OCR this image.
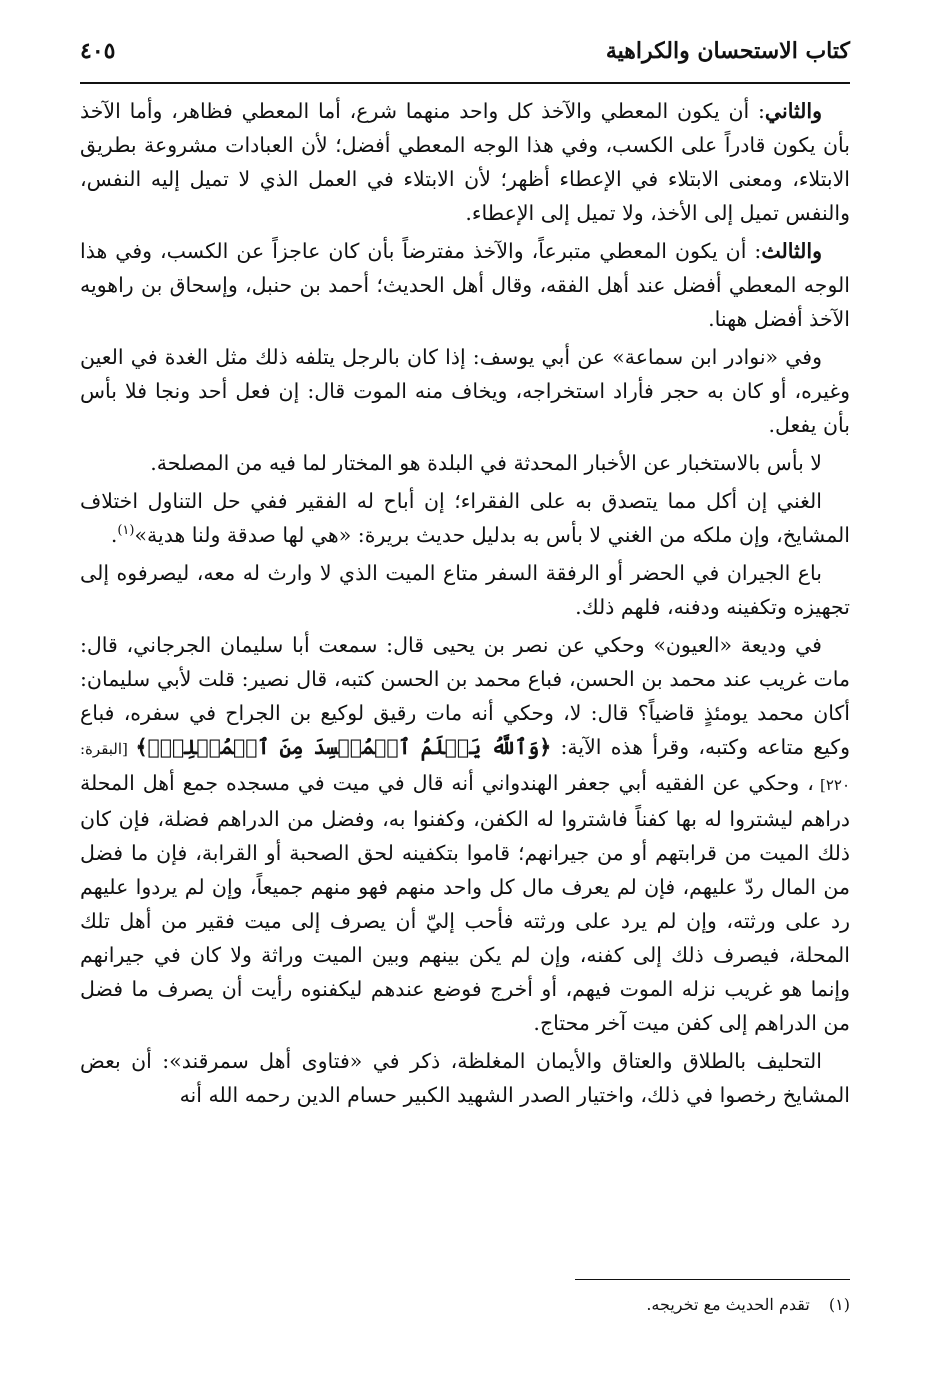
كتاب الاستحسان والكراهية
٤٠٥

والثاني: أن يكون المعطي والآخذ كل واحد منهما شرع، أما المعطي فظاهر، وأما الآخذ بأن يكون قادراً على الكسب، وفي هذا الوجه المعطي أفضل؛ لأن العبادات مشروعة بطريق الابتلاء، ومعنى الابتلاء في الإعطاء أظهر؛ لأن الابتلاء في العمل الذي لا تميل إليه النفس، والنفس تميل إلى الأخذ، ولا تميل إلى الإعطاء.

والثالث: أن يكون المعطي متبرعاً، والآخذ مفترضاً بأن كان عاجزاً عن الكسب، وفي هذا الوجه المعطي أفضل عند أهل الفقه، وقال أهل الحديث؛ أحمد بن حنبل، وإسحاق بن راهويه الآخذ أفضل ههنا.

وفي «نوادر ابن سماعة» عن أبي يوسف: إذا كان بالرجل يتلفه ذلك مثل الغدة في العين وغيره، أو كان به حجر فأراد استخراجه، ويخاف منه الموت قال: إن فعل أحد ونجا فلا بأس بأن يفعل.

لا بأس بالاستخبار عن الأخبار المحدثة في البلدة هو المختار لما فيه من المصلحة.

الغني إن أكل مما يتصدق به على الفقراء؛ إن أباح له الفقير ففي حل التناول اختلاف المشايخ، وإن ملكه من الغني لا بأس به بدليل حديث بريرة: «هي لها صدقة ولنا هدية»$^{(١)}$.

باع الجيران في الحضر أو الرفقة السفر متاع الميت الذي لا وارث له معه، ليصرفوه إلى تجهيزه وتكفينه ودفنه، فلهم ذلك.

في وديعة «العيون» وحكي عن نصر بن يحيى قال: سمعت أبا سليمان الجرجاني، قال: مات غريب عند محمد بن الحسن، فباع محمد بن الحسن كتبه، قال نصير: قلت لأبي سليمان: أكان محمد يومئذٍ قاضياً؟ قال: لا، وحكي أنه مات رقيق لوكيع بن الجراح في سفره، فباع وكيع متاعه وكتبه، وقرأ هذه الآية: ﴿وَٱللَّهُ يَعۡلَمُ ٱلۡمُفۡسِدَ مِنَ ٱلۡمُصۡلِحِۚ﴾ [البقرة: ٢٢٠] ، وحكي عن الفقيه أبي جعفر الهندواني أنه قال في ميت في مسجده جمع أهل المحلة دراهم ليشتروا له بها كفناً فاشتروا له الكفن، وكفنوا به، وفضل من الدراهم فضلة، فإن كان ذلك الميت من قرابتهم أو من جيرانهم؛ قاموا بتكفينه لحق الصحبة أو القرابة، فإن ما فضل من المال ردّ عليهم، فإن لم يعرف مال كل واحد منهم فهو منهم جميعاً، وإن لم يردوا عليهم رد على ورثته، وإن لم يرد على ورثته فأحب إليّ أن يصرف إلى ميت فقير من أهل تلك المحلة، فيصرف ذلك إلى كفنه، وإن لم يكن بينهم وبين الميت وراثة ولا كان في جيرانهم وإنما هو غريب نزله الموت فيهم، أو أخرج فوضع عندهم ليكفنوه رأيت أن يصرف ما فضل من الدراهم إلى كفن ميت آخر محتاج.

التحليف بالطلاق والعتاق والأيمان المغلظة، ذكر في «فتاوى أهل سمرقند»: أن بعض المشايخ رخصوا في ذلك، واختيار الصدر الشهيد الكبير حسام الدين رحمه الله أنه

(١) تقدم الحديث مع تخريجه.
